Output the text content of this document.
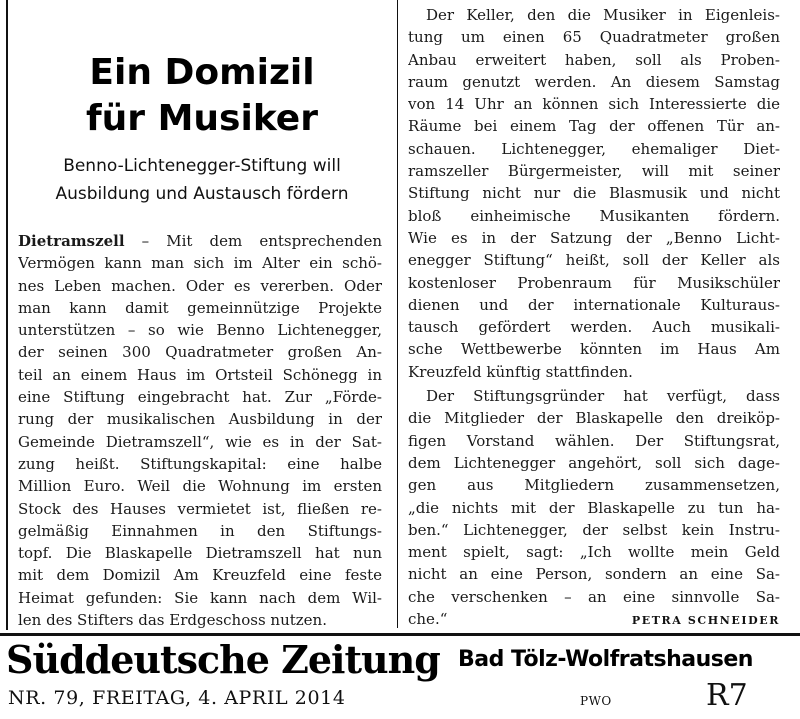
Ein Domizil
für Musiker
Benno-Lichtenegger-Stiftung will
Ausbildung und Austausch fördern
Dietramszell – Mit dem entsprechenden
Vermögen kann man sich im Alter ein schö-
nes Leben machen. Oder es vererben. Oder
man kann damit gemeinnützige Projekte
unterstützen – so wie Benno Lichtenegger,
der seinen 300 Quadratmeter großen An-
teil an einem Haus im Ortsteil Schönegg in
eine Stiftung eingebracht hat. Zur „Förde-
rung der musikalischen Ausbildung in der
Gemeinde Dietramszell“, wie es in der Sat-
zung heißt. Stiftungskapital: eine halbe
Million Euro. Weil die Wohnung im ersten
Stock des Hauses vermietet ist, fließen re-
gelmäßig Einnahmen in den Stiftungs-
topf. Die Blaskapelle Dietramszell hat nun
mit dem Domizil Am Kreuzfeld eine feste
Heimat gefunden: Sie kann nach dem Wil-
len des Stifters das Erdgeschoss nutzen.
Der Keller, den die Musiker in Eigenleis-
tung um einen 65 Quadratmeter großen
Anbau erweitert haben, soll als Proben-
raum genutzt werden. An diesem Samstag
von 14 Uhr an können sich Interessierte die
Räume bei einem Tag der offenen Tür an-
schauen. Lichtenegger, ehemaliger Diet-
ramszeller Bürgermeister, will mit seiner
Stiftung nicht nur die Blasmusik und nicht
bloß einheimische Musikanten fördern.
Wie es in der Satzung der „Benno Licht-
enegger Stiftung“ heißt, soll der Keller als
kostenloser Probenraum für Musikschüler
dienen und der internationale Kulturaus-
tausch gefördert werden. Auch musikali-
sche Wettbewerbe könnten im Haus Am
Kreuzfeld künftig stattfinden.
Der Stiftungsgründer hat verfügt, dass
die Mitglieder der Blaskapelle den dreiköp-
figen Vorstand wählen. Der Stiftungsrat,
dem Lichtenegger angehört, soll sich dage-
gen aus Mitgliedern zusammensetzen,
„die nichts mit der Blaskapelle zu tun ha-
ben.“ Lichtenegger, der selbst kein Instru-
ment spielt, sagt: „Ich wollte mein Geld
nicht an eine Person, sondern an eine Sa-
che verschenken – an eine sinnvolle Sa-
che.“	PETRA SCHNEIDER
Süddeutsche Zeitung Bad Tölz-Wolfratshausen
NR. 79, FREITAG, 4. APRIL 2014	PWO	R7
